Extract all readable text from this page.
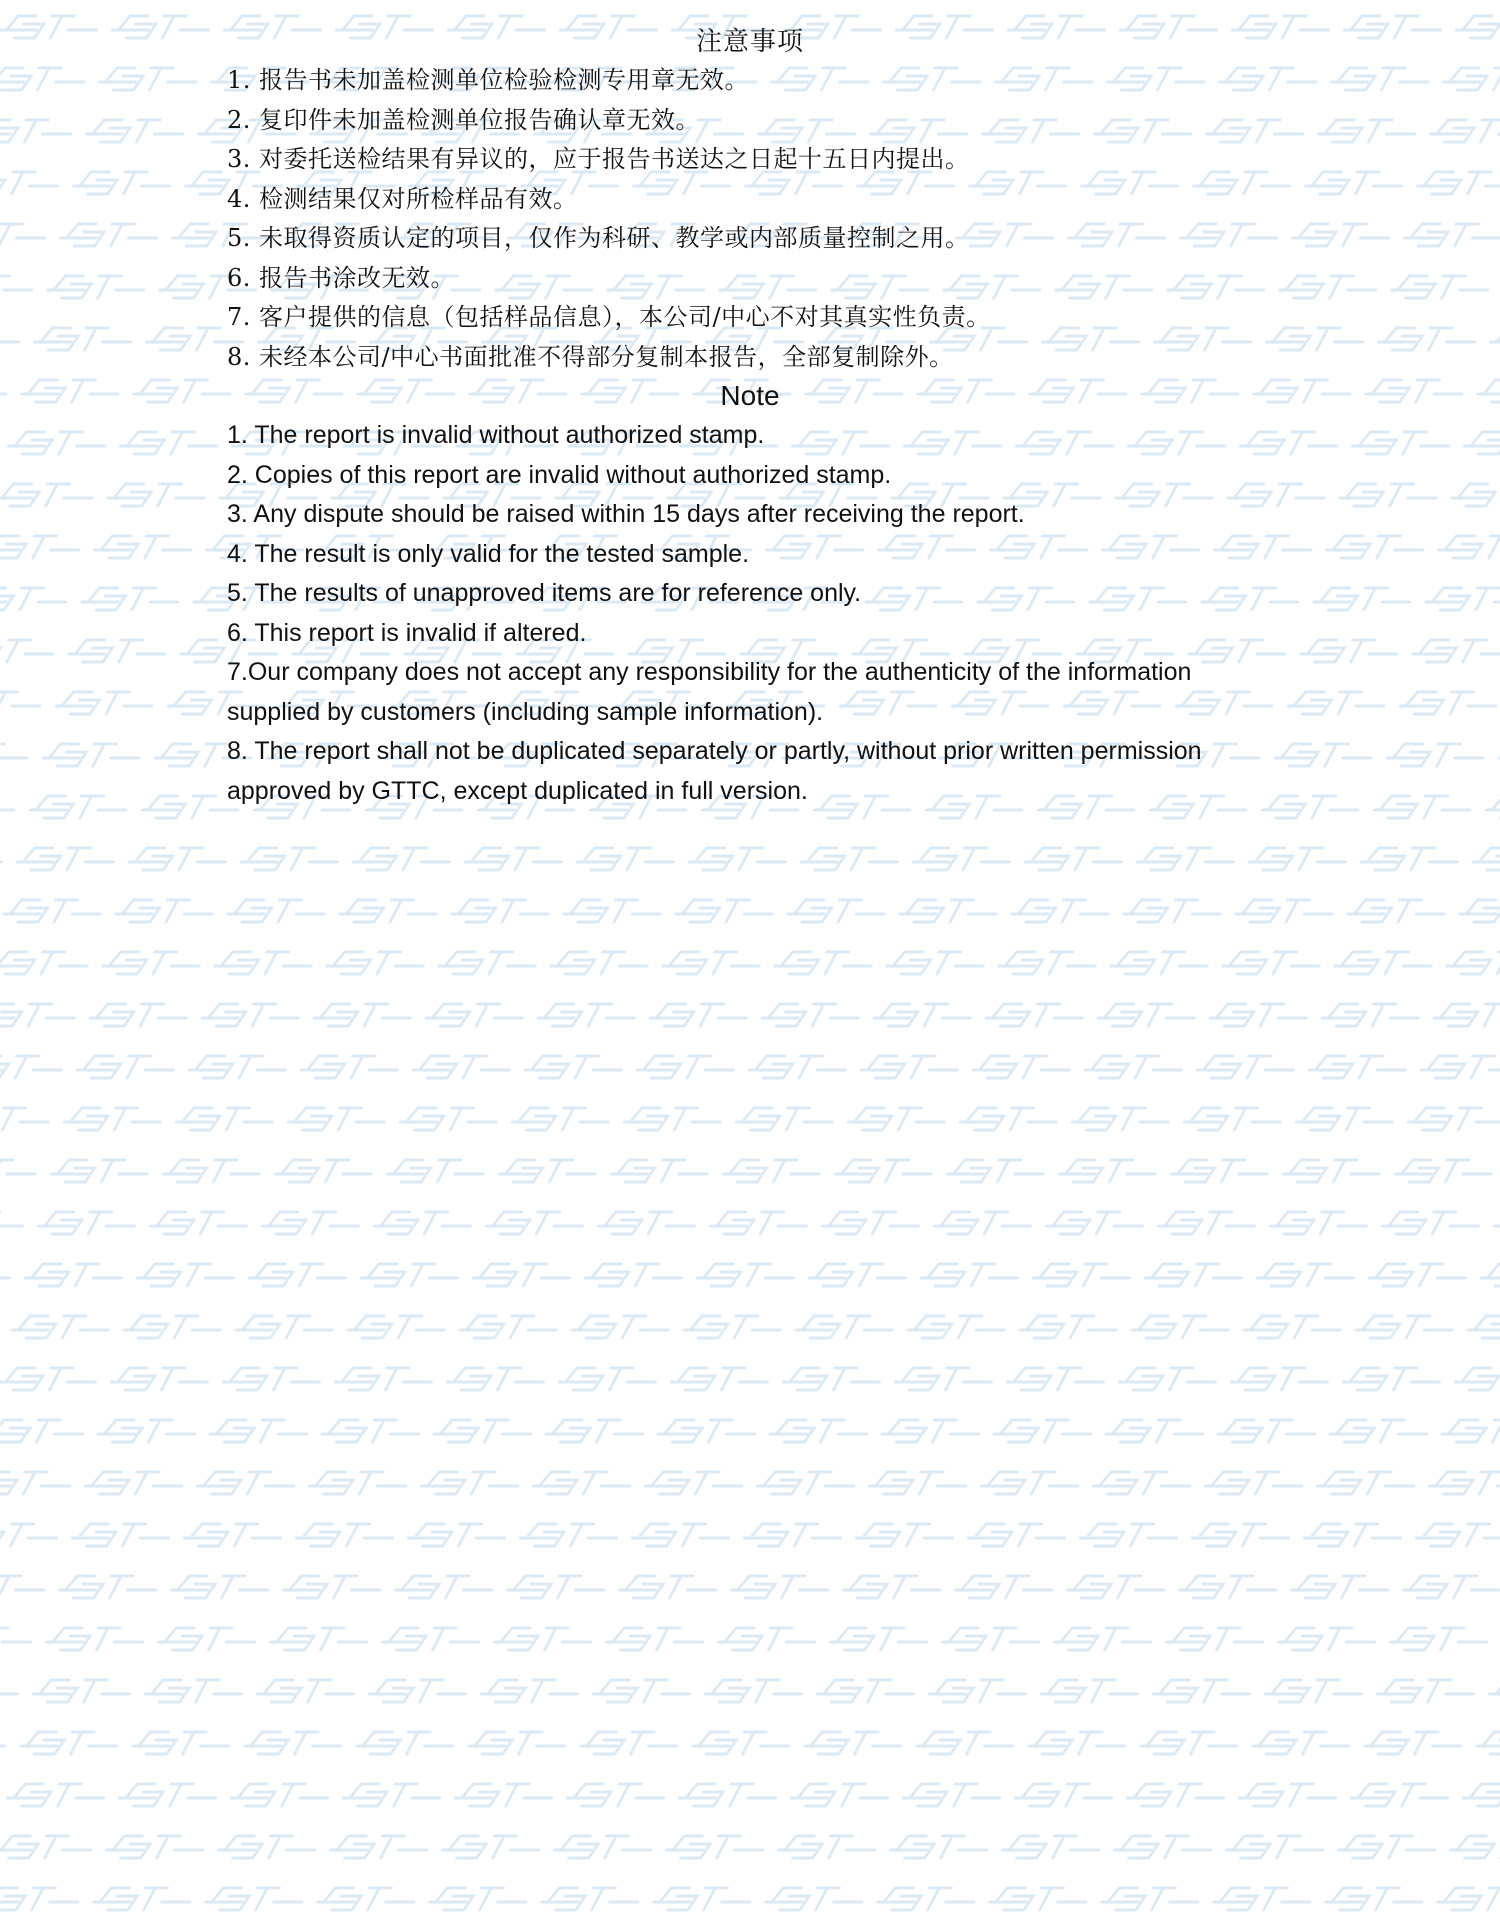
注意事项
1. 报告书未加盖检测单位检验检测专用章无效。
2. 复印件未加盖检测单位报告确认章无效。
3. 对委托送检结果有异议的，应于报告书送达之日起十五日内提出。
4. 检测结果仅对所检样品有效。
5. 未取得资质认定的项目，仅作为科研、教学或内部质量控制之用。
6. 报告书涂改无效。
7. 客户提供的信息（包括样品信息），本公司/中心不对其真实性负责。
8. 未经本公司/中心书面批准不得部分复制本报告，全部复制除外。
Note
1. The report is invalid without authorized stamp.
2. Copies of this report are invalid without authorized stamp.
3. Any dispute should be raised within 15 days after receiving the report.
4. The result is only valid for the tested sample.
5. The results of unapproved items are for reference only.
6. This report is invalid if altered.
7.Our company does not accept any responsibility for the authenticity of the information supplied by customers (including sample information).
8. The report shall not be duplicated separately or partly, without prior written permission approved by GTTC, except duplicated in full version.
